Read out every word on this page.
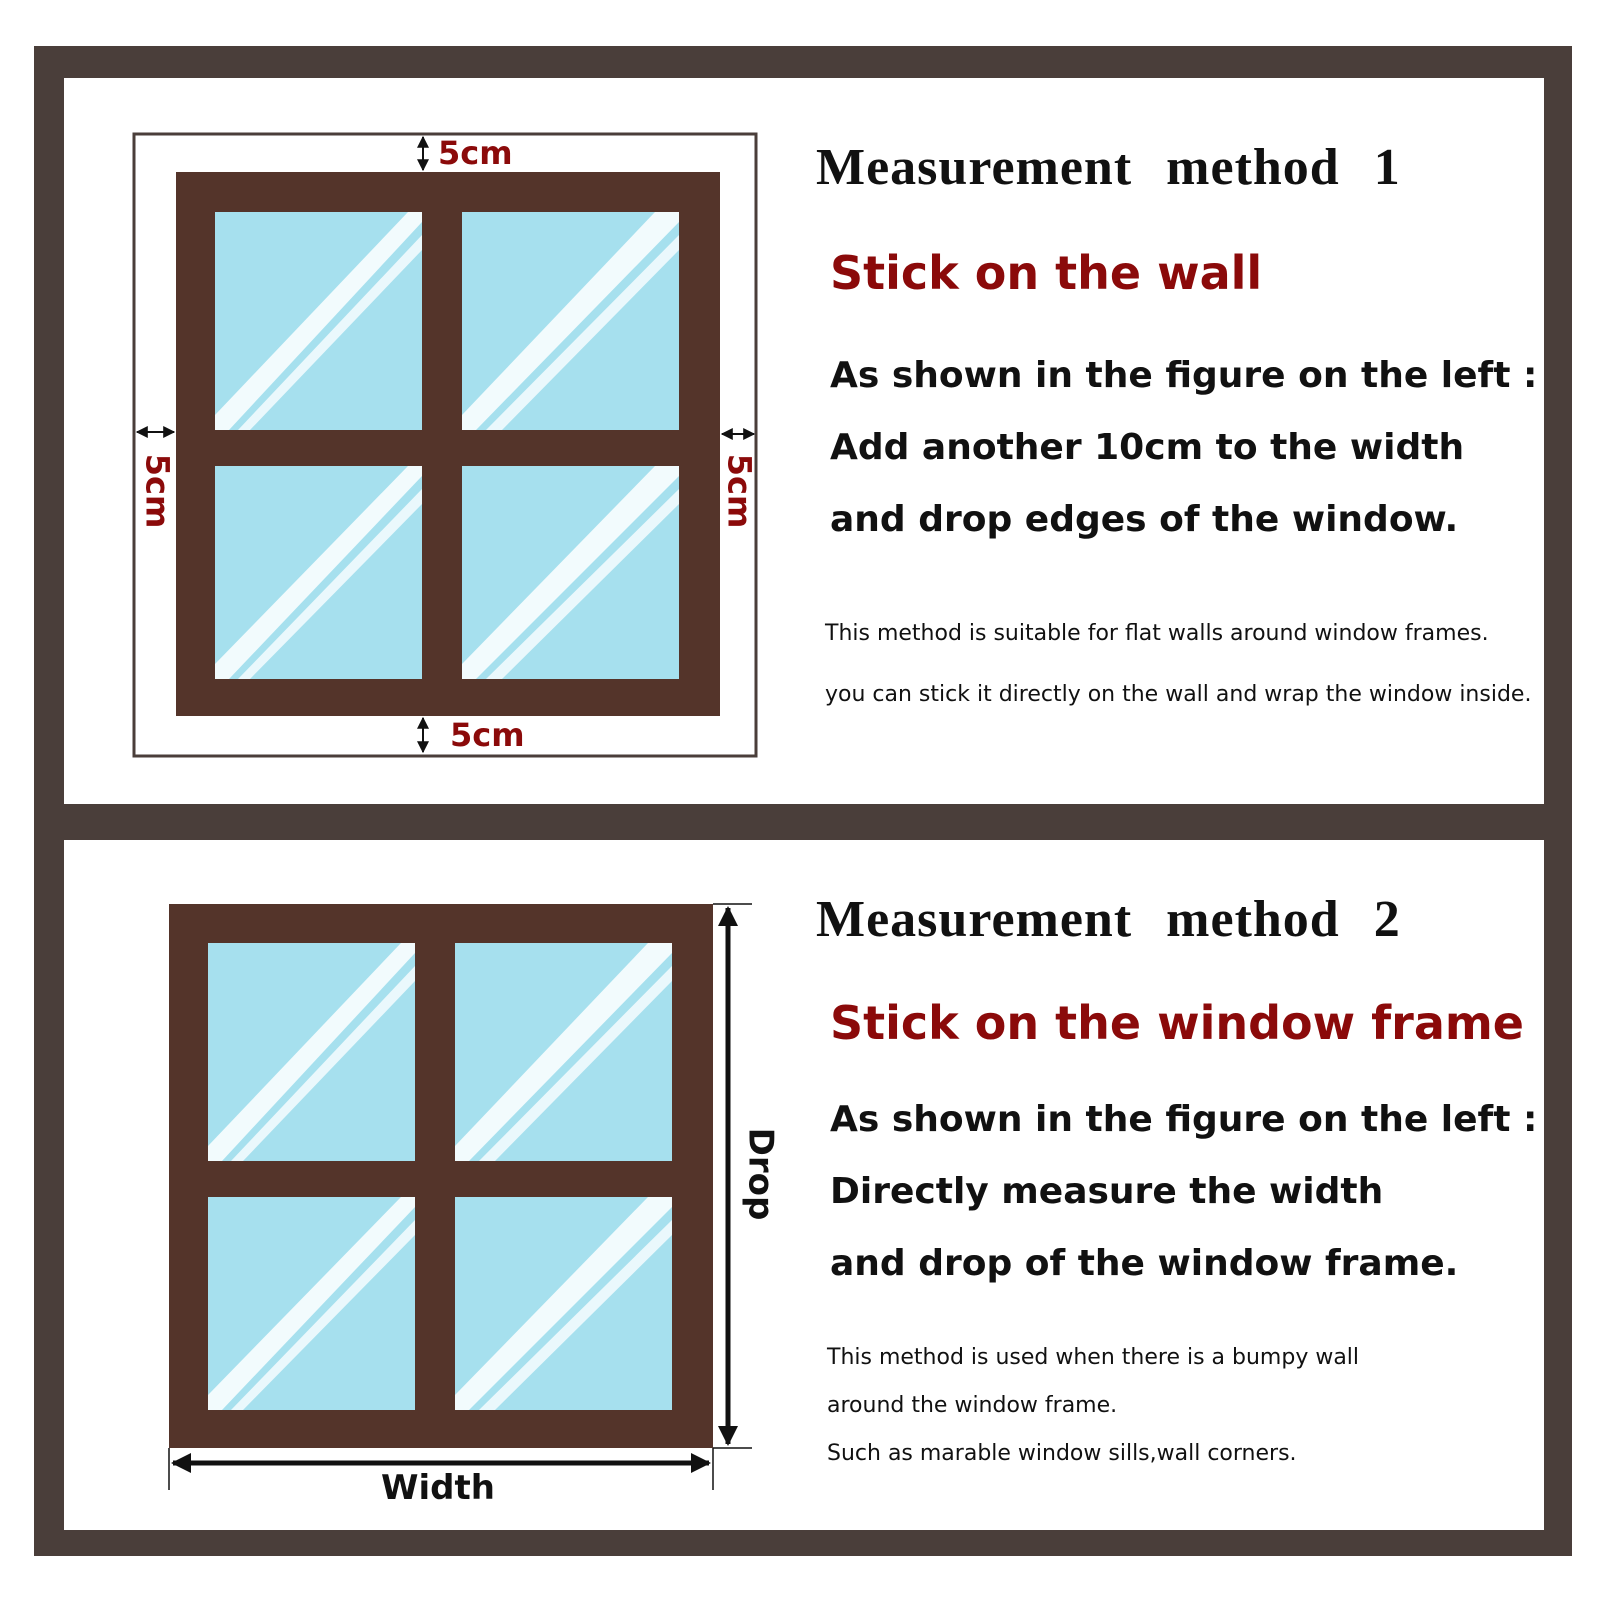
5cm
5cm
5cm	5cm
Drop
Width
Measurement method 1
Stick on the wall
As shown in the figure on the left :
Add another 10cm to the width
and drop edges of the window.
This method is suitable for flat walls around window frames.
you can stick it directly on the wall and wrap the window inside.
Measurement method 2
Stick on the window frame
As shown in the figure on the left :
Directly measure the width
and drop of the window frame.
This method is used when there is a bumpy wall
around the window frame.
Such as marable window sills,wall corners.
